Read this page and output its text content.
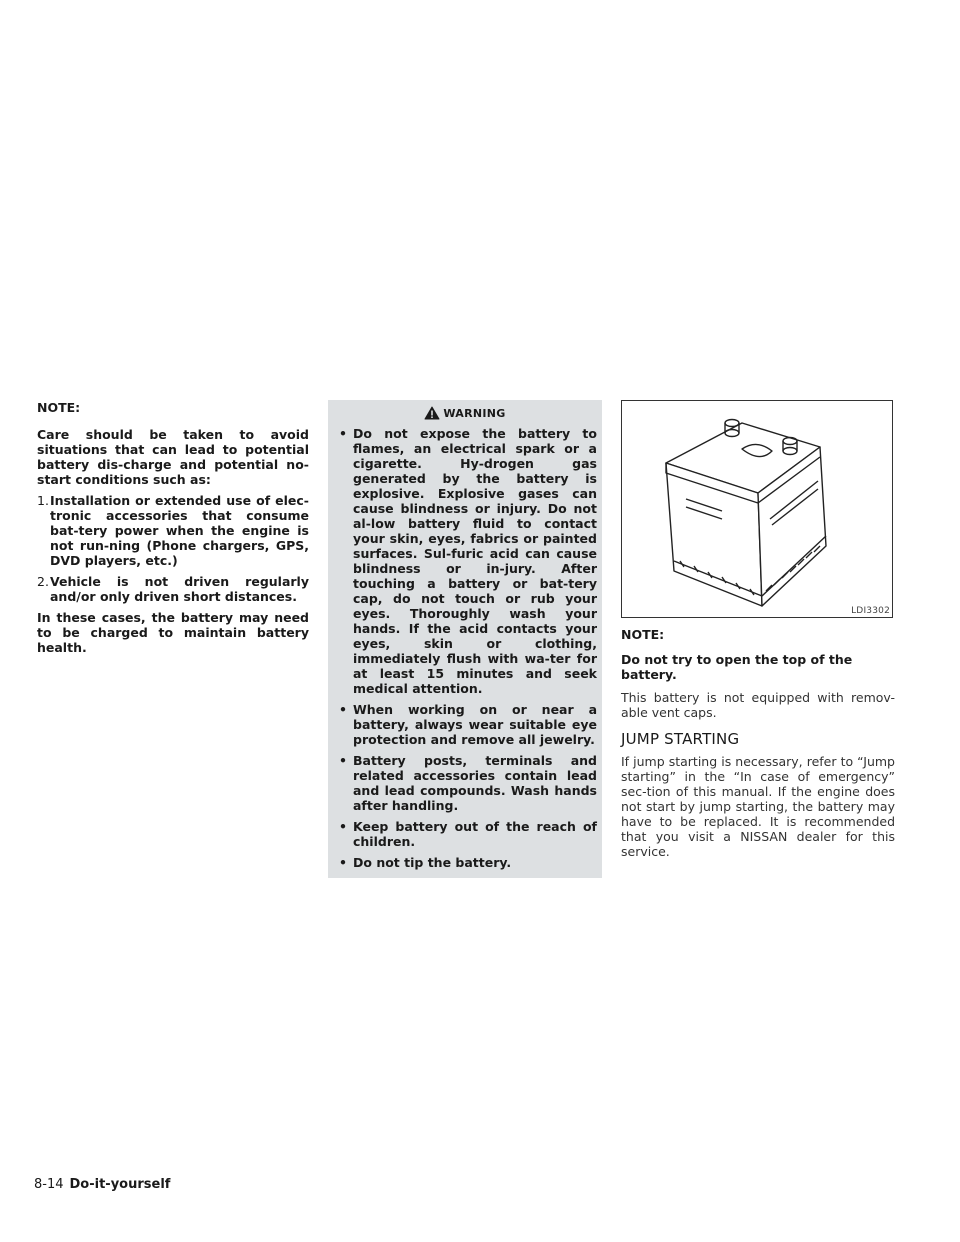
NOTE:

Care should be taken to avoid situations that can lead to potential battery dis-charge and potential no-start conditions such as:

1. Installation or extended use of elec-tronic accessories that consume bat-tery power when the engine is not run-ning (Phone chargers, GPS, DVD players, etc.)
2. Vehicle is not driven regularly and/or only driven short distances.

In these cases, the battery may need to be charged to maintain battery health.

WARNING
• Do not expose the battery to flames, an electrical spark or a cigarette. Hy-drogen gas generated by the battery is explosive. Explosive gases can cause blindness or injury. Do not al-low battery fluid to contact your skin, eyes, fabrics or painted surfaces. Sul-furic acid can cause blindness or in-jury. After touching a battery or bat-tery cap, do not touch or rub your eyes. Thoroughly wash your hands. If the acid contacts your eyes, skin or clothing, immediately flush with wa-ter for at least 15 minutes and seek medical attention.
• When working on or near a battery, always wear suitable eye protection and remove all jewelry.
• Battery posts, terminals and related accessories contain lead and lead compounds. Wash hands after handling.
• Keep battery out of the reach of children.
• Do not tip the battery.
LDI3302

NOTE:

Do not try to open the top of the battery.

This battery is not equipped with remov-able vent caps.

JUMP STARTING

If jump starting is necessary, refer to “Jump starting” in the “In case of emergency” sec-tion of this manual. If the engine does not start by jump starting, the battery may have to be replaced. It is recommended that you visit a NISSAN dealer for this service.

8-14 Do-it-yourself
